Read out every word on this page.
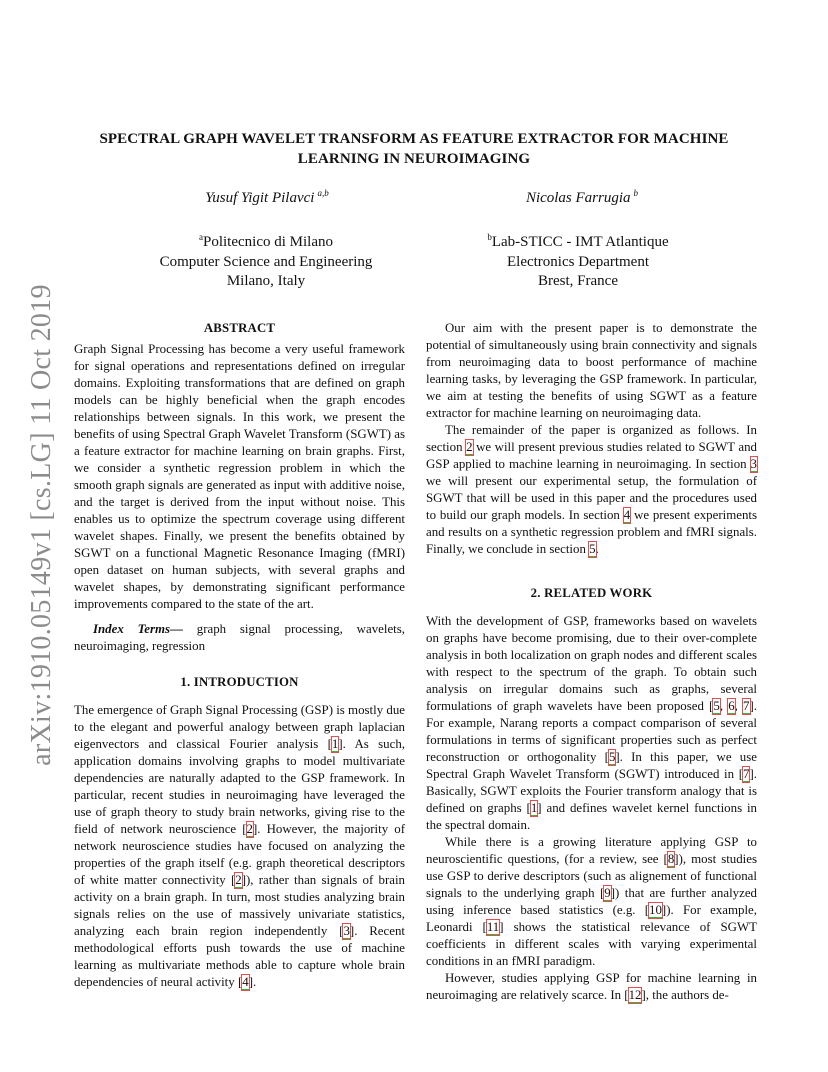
arXiv:1910.05149v1 [cs.LG] 11 Oct 2019
SPECTRAL GRAPH WAVELET TRANSFORM AS FEATURE EXTRACTOR FOR MACHINE
LEARNING IN NEUROIMAGING
Yusuf Yigit Pilavci  $^{a,b}$	Nicolas Farrugia  $^b$
$^a$Politecnico di Milano
Computer Science and Engineering
Milano, Italy
$^b$Lab-STICC - IMT Atlantique
Electronics Department
Brest, France

ABSTRACT

Graph Signal Processing has become a very useful framework for signal operations and representations defined on irregular domains. Exploiting transformations that are defined on graph models can be highly beneficial when the graph encodes relationships between signals. In this work, we present the benefits of using Spectral Graph Wavelet Transform (SGWT) as a feature extractor for machine learning on brain graphs. First, we consider a synthetic regression problem in which the smooth graph signals are generated as input with additive noise, and the target is derived from the input without noise. This enables us to optimize the spectrum coverage using different wavelet shapes. Finally, we present the benefits obtained by SGWT on a functional Magnetic Resonance Imaging (fMRI) open dataset on human subjects, with several graphs and wavelet shapes, by demonstrating significant performance improvements compared to the state of the art.

Index Terms— graph signal processing, wavelets, neuroimaging, regression

1. INTRODUCTION

The emergence of Graph Signal Processing (GSP) is mostly due to the elegant and powerful analogy between graph laplacian eigenvectors and classical Fourier analysis [1]. As such, application domains involving graphs to model multivariate dependencies are naturally adapted to the GSP framework. In particular, recent studies in neuroimaging have leveraged the use of graph theory to study brain networks, giving rise to the field of network neuroscience [2]. However, the majority of network neuroscience studies have focused on analyzing the properties of the graph itself (e.g. graph theoretical descriptors of white matter connectivity [2]), rather than signals of brain activity on a brain graph. In turn, most studies analyzing brain signals relies on the use of massively univariate statistics, analyzing each brain region independently [3]. Recent methodological efforts push towards the use of machine learning as multivariate methods able to capture whole brain dependencies of neural activity [4].

Our aim with the present paper is to demonstrate the potential of simultaneously using brain connectivity and signals from neuroimaging data to boost performance of machine learning tasks, by leveraging the GSP framework. In particular, we aim at testing the benefits of using SGWT as a feature extractor for machine learning on neuroimaging data.

The remainder of the paper is organized as follows. In section 2 we will present previous studies related to SGWT and GSP applied to machine learning in neuroimaging. In section 3 we will present our experimental setup, the formulation of SGWT that will be used in this paper and the procedures used to build our graph models. In section 4 we present experiments and results on a synthetic regression problem and fMRI signals. Finally, we conclude in section 5.

2. RELATED WORK

With the development of GSP, frameworks based on wavelets on graphs have become promising, due to their over-complete analysis in both localization on graph nodes and different scales with respect to the spectrum of the graph. To obtain such analysis on irregular domains such as graphs, several formulations of graph wavelets have been proposed [5, 6, 7]. For example, Narang reports a compact comparison of several formulations in terms of significant properties such as perfect reconstruction or orthogonality [5]. In this paper, we use Spectral Graph Wavelet Transform (SGWT) introduced in [7]. Basically, SGWT exploits the Fourier transform analogy that is defined on graphs [1] and defines wavelet kernel functions in the spectral domain.

While there is a growing literature applying GSP to neuroscientific questions, (for a review, see [8]), most studies use GSP to derive descriptors (such as alignement of functional signals to the underlying graph [9]) that are further analyzed using inference based statistics (e.g. [10]). For example, Leonardi [11] shows the statistical relevance of SGWT coefficients in different scales with varying experimental conditions in an fMRI paradigm.

However, studies applying GSP for machine learning in neuroimaging are relatively scarce. In [12], the authors de-
